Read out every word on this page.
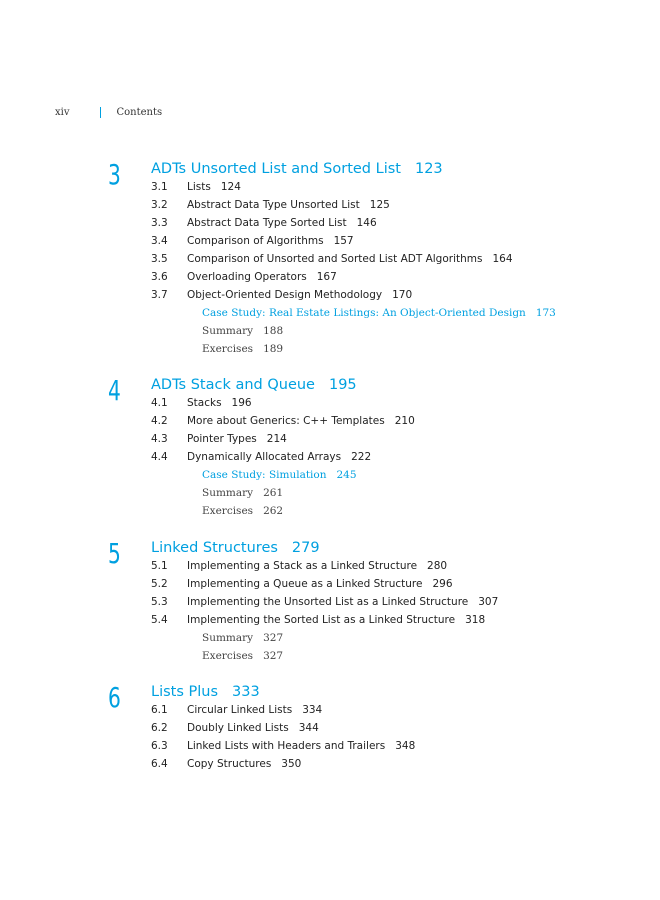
xiv	Contents
3 ADTs Unsorted List and Sorted List 123
3.1 Lists 124
3.2 Abstract Data Type Unsorted List 125
3.3 Abstract Data Type Sorted List 146
3.4 Comparison of Algorithms 157
3.5 Comparison of Unsorted and Sorted List ADT Algorithms 164
3.6 Overloading Operators 167
3.7 Object-Oriented Design Methodology 170
Case Study: Real Estate Listings: An Object-Oriented Design 173
Summary 188
Exercises 189
4 ADTs Stack and Queue 195
4.1 Stacks 196
4.2 More about Generics: C++ Templates 210
4.3 Pointer Types 214
4.4 Dynamically Allocated Arrays 222
Case Study: Simulation 245
Summary 261
Exercises 262
5 Linked Structures 279
5.1 Implementing a Stack as a Linked Structure 280
5.2 Implementing a Queue as a Linked Structure 296
5.3 Implementing the Unsorted List as a Linked Structure 307
5.4 Implementing the Sorted List as a Linked Structure 318
Summary 327
Exercises 327
6 Lists Plus 333
6.1 Circular Linked Lists 334
6.2 Doubly Linked Lists 344
6.3 Linked Lists with Headers and Trailers 348
6.4 Copy Structures 350
